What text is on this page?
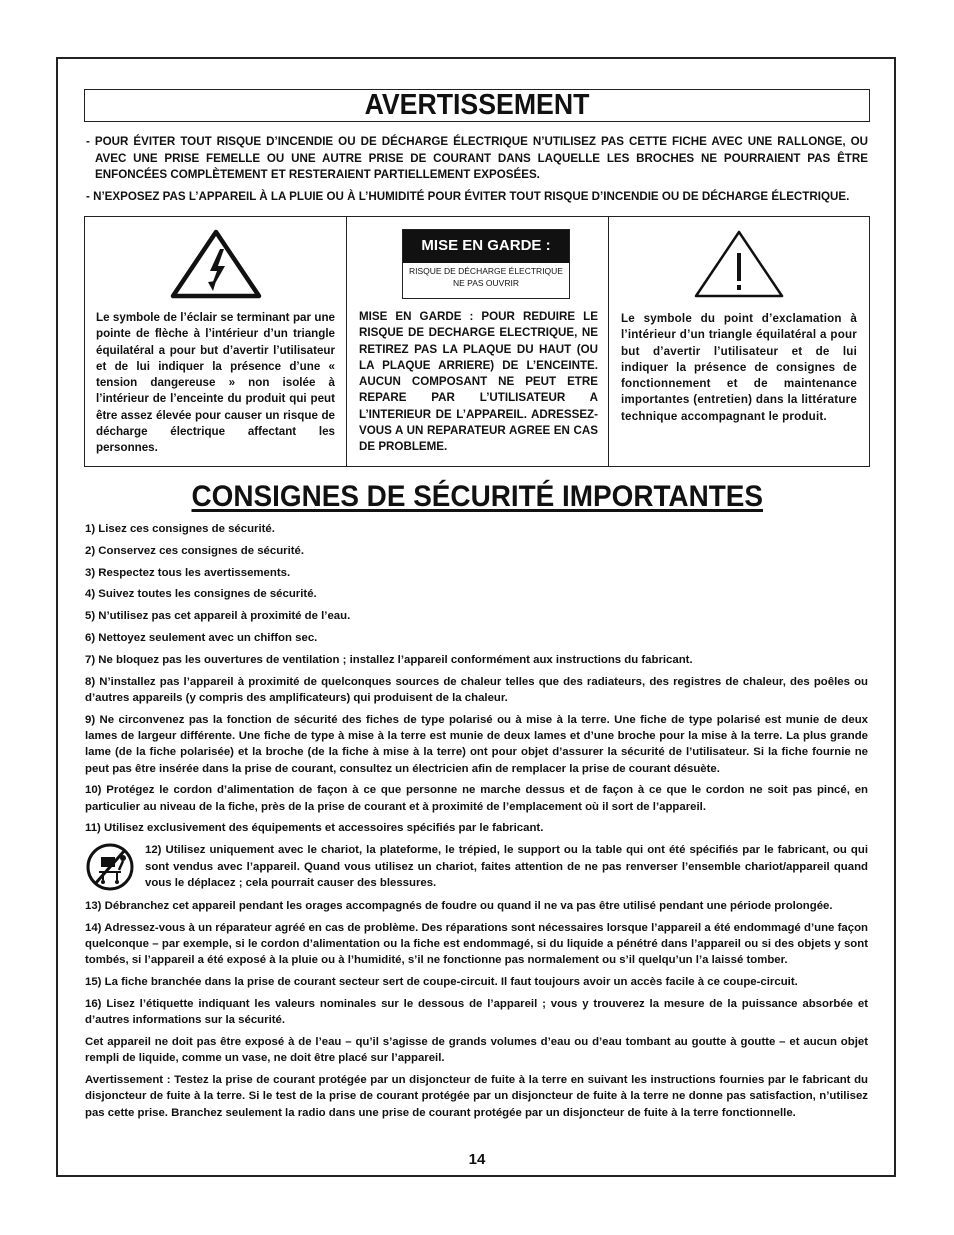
AVERTISSEMENT
- POUR ÉVITER TOUT RISQUE D’INCENDIE OU DE DÉCHARGE ÉLECTRIQUE N’UTILISEZ PAS CETTE FICHE AVEC UNE RALLONGE, OU AVEC UNE PRISE FEMELLE OU UNE AUTRE PRISE DE COURANT DANS LAQUELLE LES BROCHES NE POURRAIENT PAS ÊTRE ENFONCÉES COMPLÈTEMENT ET RESTERAIENT PARTIELLEMENT EXPOSÉES.
- N’EXPOSEZ PAS L’APPAREIL À LA PLUIE OU À L’HUMIDITÉ POUR ÉVITER TOUT RISQUE D’INCENDIE OU DE DÉCHARGE ÉLECTRIQUE.

Le symbole de l’éclair se terminant par une pointe de flèche à l’intérieur d’un triangle équilatéral a pour but d’avertir l’utilisateur et de lui indiquer la présence d’une « tension dangereuse » non isolée à l’intérieur de l’enceinte du produit qui peut être assez élevée pour causer un risque de décharge électrique affectant les personnes.

MISE EN GARDE :
RISQUE DE DÉCHARGE ÉLECTRIQUE
NE PAS OUVRIR

MISE EN GARDE : POUR REDUIRE LE RISQUE DE DECHARGE ELECTRIQUE, NE RETIREZ PAS LA PLAQUE DU HAUT (OU LA PLAQUE ARRIERE) DE L’ENCEINTE. AUCUN COMPOSANT NE PEUT ETRE REPARE PAR L’UTILISATEUR A L’INTERIEUR DE L’APPAREIL. ADRESSEZ-VOUS A UN REPARATEUR AGREE EN CAS DE PROBLEME.

Le symbole du point d’exclamation à l’intérieur d’un triangle équilatéral a pour but d’avertir l’utilisateur et de lui indiquer la présence de consignes de fonctionnement et de maintenance importantes (entretien) dans la littérature technique accompagnant le produit.

CONSIGNES DE SÉCURITÉ IMPORTANTES
1) Lisez ces consignes de sécurité.
2) Conservez ces consignes de sécurité.
3) Respectez tous les avertissements.
4) Suivez toutes les consignes de sécurité.
5) N’utilisez pas cet appareil à proximité de l’eau.
6) Nettoyez seulement avec un chiffon sec.
7) Ne bloquez pas les ouvertures de ventilation ; installez l’appareil conformément aux instructions du fabricant.
8) N’installez pas l’appareil à proximité de quelconques sources de chaleur telles que des radiateurs, des registres de chaleur, des poêles ou d’autres appareils (y compris des amplificateurs) qui produisent de la chaleur.
9) Ne circonvenez pas la fonction de sécurité des fiches de type polarisé ou à mise à la terre. Une fiche de type polarisé est munie de deux lames de largeur différente. Une fiche de type à mise à la terre est munie de deux lames et d’une broche pour la mise à la terre. La plus grande lame (de la fiche polarisée) et la broche (de la fiche à mise à la terre) ont pour objet d’assurer la sécurité de l’utilisateur. Si la fiche fournie ne peut pas être insérée dans la prise de courant, consultez un électricien afin de remplacer la prise de courant désuète.
10) Protégez le cordon d’alimentation de façon à ce que personne ne marche dessus et de façon à ce que le cordon ne soit pas pincé, en particulier au niveau de la fiche, près de la prise de courant et à proximité de l’emplacement où il sort de l’appareil.
11) Utilisez exclusivement des équipements et accessoires spécifiés par le fabricant.
12) Utilisez uniquement avec le chariot, la plateforme, le trépied, le support ou la table qui ont été spécifiés par le fabricant, ou qui sont vendus avec l’appareil. Quand vous utilisez un chariot, faites attention de ne pas renverser l’ensemble chariot/appareil quand vous le déplacez ; cela pourrait causer des blessures.
13) Débranchez cet appareil pendant les orages accompagnés de foudre ou quand il ne va pas être utilisé pendant une période prolongée.
14) Adressez-vous à un réparateur agréé en cas de problème. Des réparations sont nécessaires lorsque l’appareil a été endommagé d’une façon quelconque – par exemple, si le cordon d’alimentation ou la fiche est endommagé, si du liquide a pénétré dans l’appareil ou si des objets y sont tombés, si l’appareil a été exposé à la pluie ou à l’humidité, s’il ne fonctionne pas normalement ou s’il quelqu’un l’a laissé tomber.
15) La fiche branchée dans la prise de courant secteur sert de coupe-circuit. Il faut toujours avoir un accès facile à ce coupe-circuit.
16) Lisez l’étiquette indiquant les valeurs nominales sur le dessous de l’appareil ; vous y trouverez la mesure de la puissance absorbée et d’autres informations sur la sécurité.
Cet appareil ne doit pas être exposé à de l’eau – qu’il s’agisse de grands volumes d’eau ou d’eau tombant au goutte à goutte – et aucun objet rempli de liquide, comme un vase, ne doit être placé sur l’appareil.
Avertissement : Testez la prise de courant protégée par un disjoncteur de fuite à la terre en suivant les instructions fournies par le fabricant du disjoncteur de fuite à la terre. Si le test de la prise de courant protégée par un disjoncteur de fuite à la terre ne donne pas satisfaction, n’utilisez pas cette prise. Branchez seulement la radio dans une prise de courant protégée par un disjoncteur de fuite à la terre fonctionnelle.
14
